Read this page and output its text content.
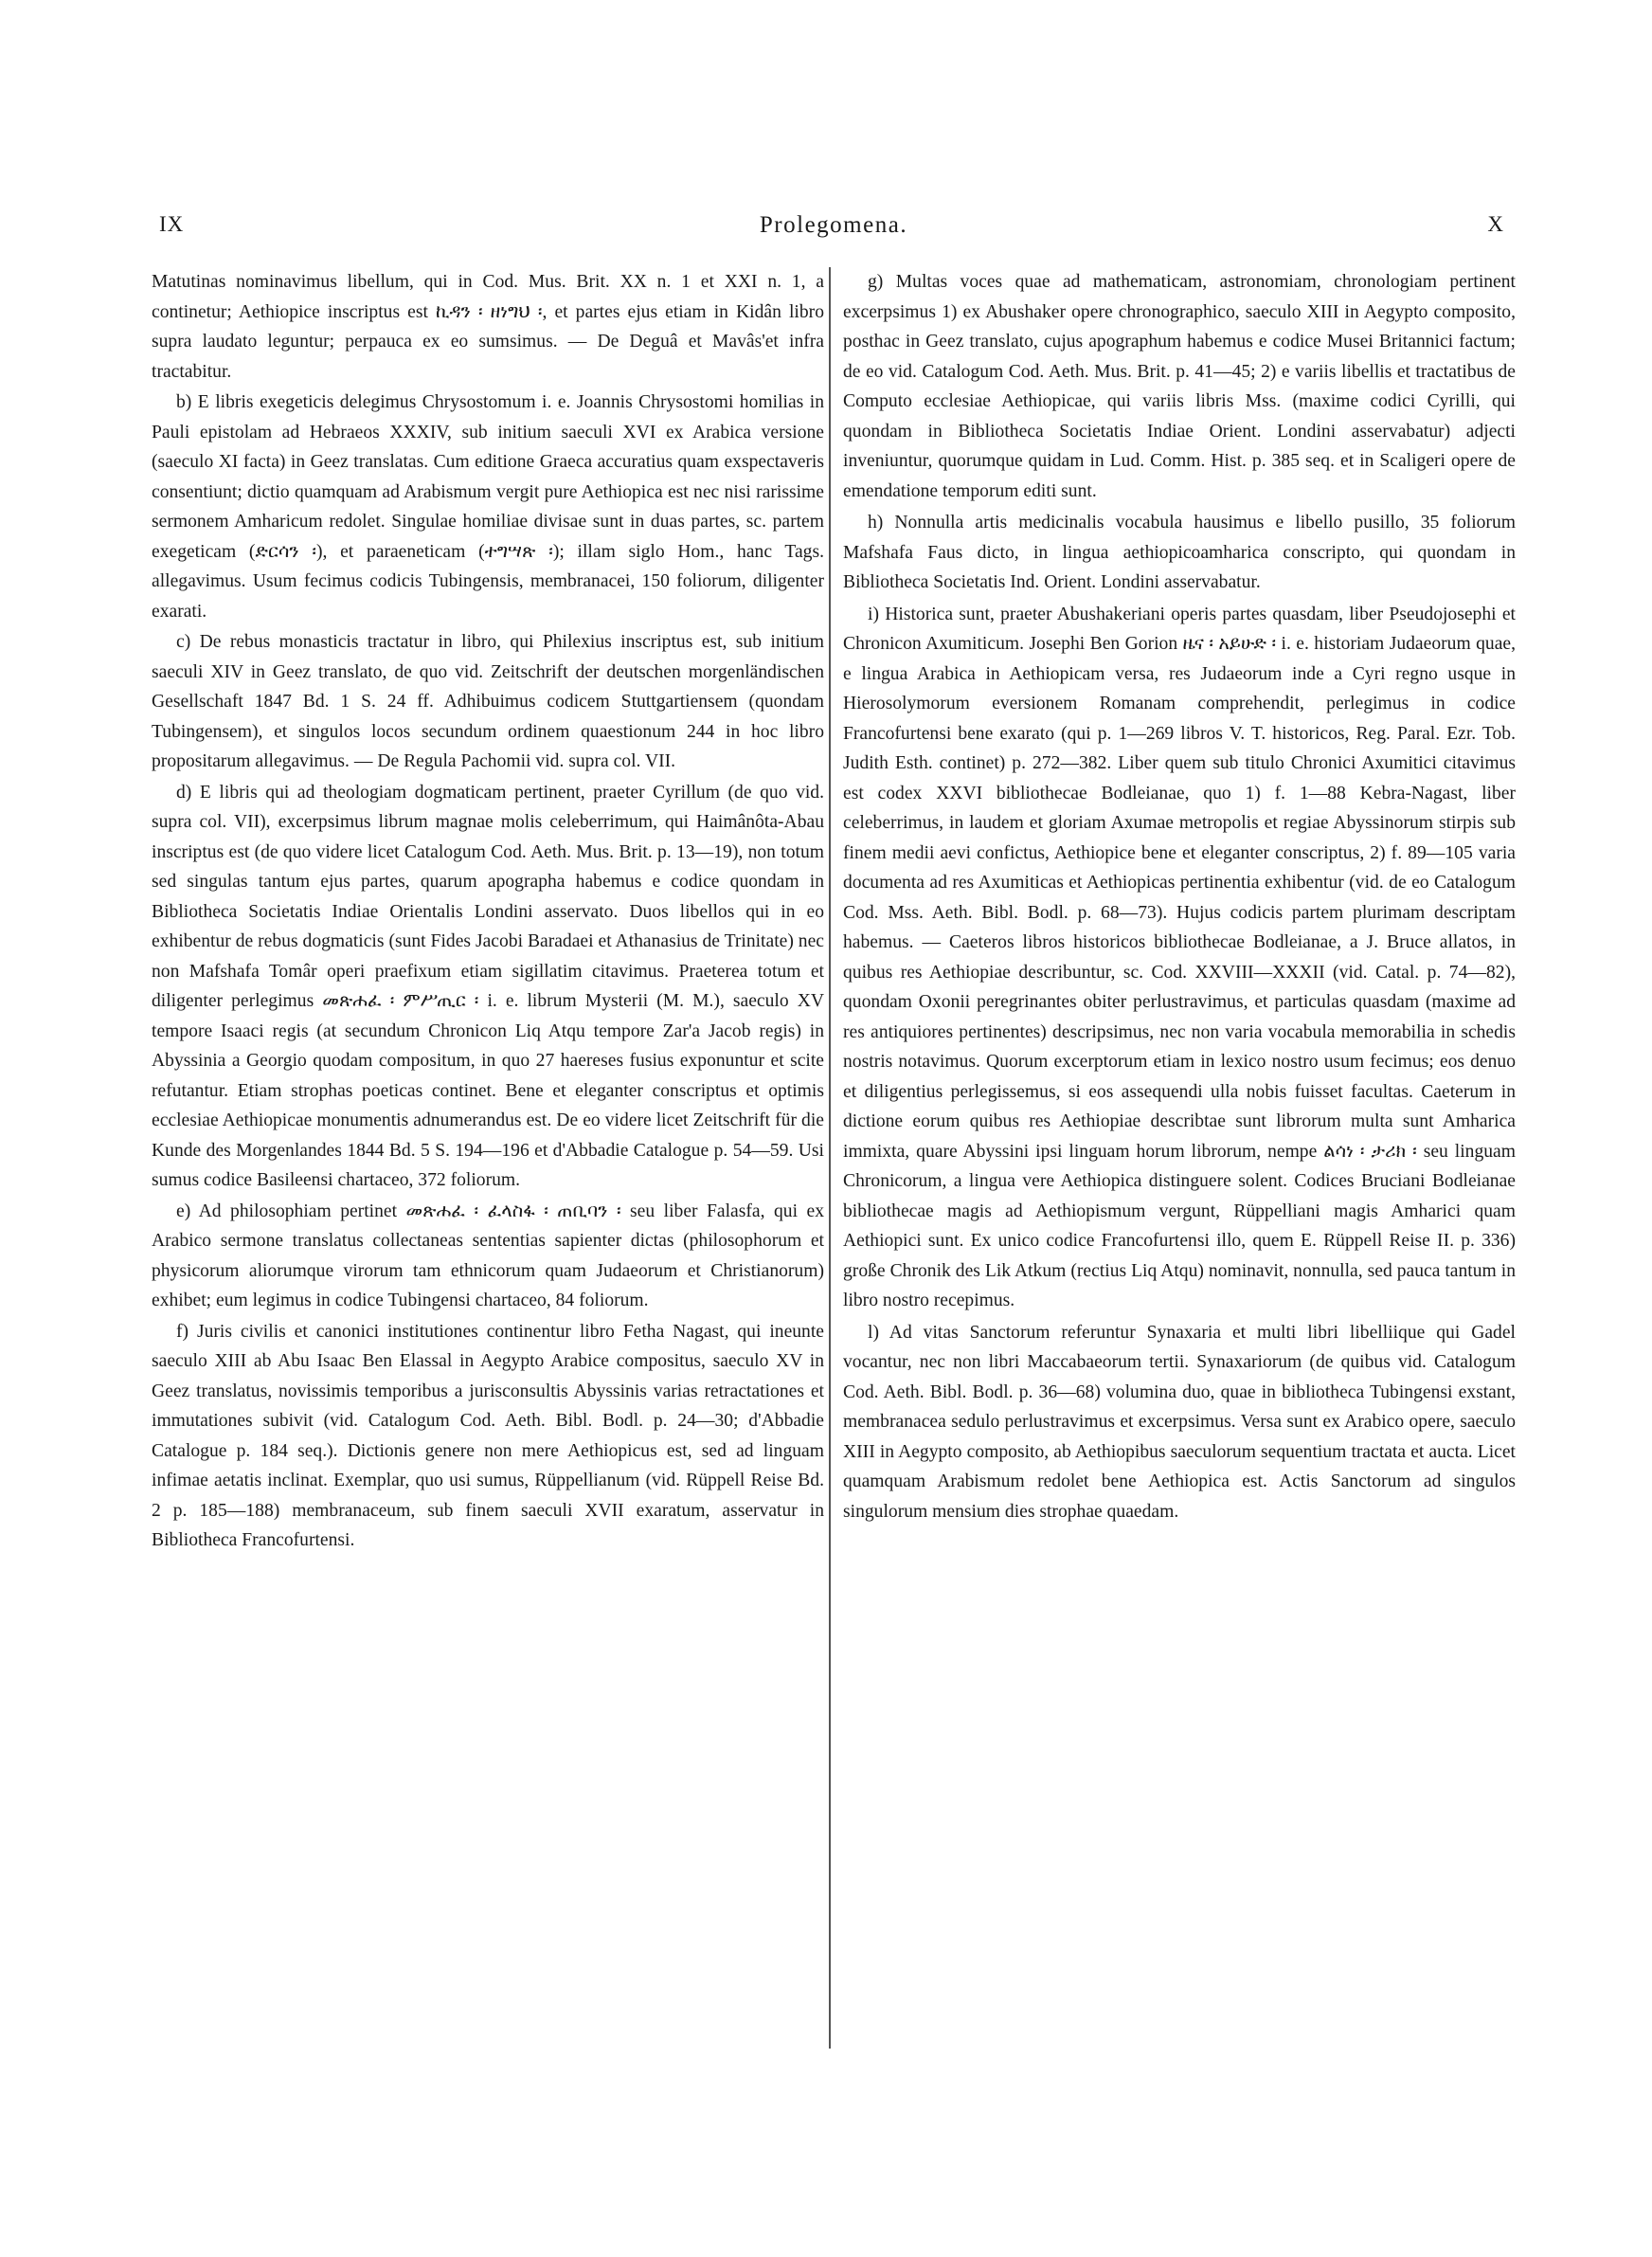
IX	Prolegomena.	X

Matutinas nominavimus libellum, qui in Cod. Mus. Brit. XX n. 1 et XXI n. 1, a continetur; Aethiopice inscriptus est ኪዳን ፡ ዘነግህ ፡, et partes ejus etiam in Kidân libro supra laudato leguntur; perpauca ex eo sumsimus. — De Deguâ et Mavâs'et infra tractabitur.

b) E libris exegeticis delegimus Chrysostomum i. e. Joannis Chrysostomi homilias in Pauli epistolam ad Hebraeos XXXIV, sub initium saeculi XVI ex Arabica versione (saeculo XI facta) in Geez translatas. Cum editione Graeca accuratius quam exspectaveris consentiunt; dictio quamquam ad Arabismum vergit pure Aethiopica est nec nisi rarissime sermonem Amharicum redolet. Singulae homiliae divisae sunt in duas partes, sc. partem exegeticam (ድርሳን ፡), et paraeneticam (ተግሣጽ ፡); illam siglo Hom., hanc Tags. allegavimus. Usum fecimus codicis Tubingensis, membranacei, 150 foliorum, diligenter exarati.

c) De rebus monasticis tractatur in libro, qui Philexius inscriptus est, sub initium saeculi XIV in Geez translato, de quo vid. Zeitschrift der deutschen morgenländischen Gesellschaft 1847 Bd. 1 S. 24 ff. Adhibuimus codicem Stuttgartiensem (quondam Tubingensem), et singulos locos secundum ordinem quaestionum 244 in hoc libro propositarum allegavimus. — De Regula Pachomii vid. supra col. VII.

d) E libris qui ad theologiam dogmaticam pertinent, praeter Cyrillum (de quo vid. supra col. VII), excerpsimus librum magnae molis celeberrimum, qui Haimânôta-Abau inscriptus est (de quo videre licet Catalogum Cod. Aeth. Mus. Brit. p. 13—19), non totum sed singulas tantum ejus partes, quarum apographa habemus e codice quondam in Bibliotheca Societatis Indiae Orientalis Londini asservato. Duos libellos qui in eo exhibentur de rebus dogmaticis (sunt Fides Jacobi Baradaei et Athanasius de Trinitate) nec non Mafshafa Tomâr operi praefixum etiam sigillatim citavimus. Praeterea totum et diligenter perlegimus መጽሐፈ ፡ ምሥጢር ፡ i. e. librum Mysterii (M. M.), saeculo XV tempore Isaaci regis (at secundum Chronicon Liq Atqu tempore Zar'a Jacob regis) in Abyssinia a Georgio quodam compositum, in quo 27 haereses fusius exponuntur et scite refutantur. Etiam strophas poeticas continet. Bene et eleganter conscriptus et optimis ecclesiae Aethiopicae monumentis adnumerandus est. De eo videre licet Zeitschrift für die Kunde des Morgenlandes 1844 Bd. 5 S. 194—196 et d'Abbadie Catalogue p. 54—59. Usi sumus codice Basileensi chartaceo, 372 foliorum.

e) Ad philosophiam pertinet መጽሐፈ ፡ ፈላስፋ ፡ ጠቢባን ፡ seu liber Falasfa, qui ex Arabico sermone translatus collectaneas sententias sapienter dictas (philosophorum et physicorum aliorumque virorum tam ethnicorum quam Judaeorum et Christianorum) exhibet; eum legimus in codice Tubingensi chartaceo, 84 foliorum.

f) Juris civilis et canonici institutiones continentur libro Fetha Nagast, qui ineunte saeculo XIII ab Abu Isaac Ben Elassal in Aegypto Arabice compositus, saeculo XV in Geez translatus, novissimis temporibus a jurisconsultis Abyssinis varias retractationes et immutationes subivit (vid. Catalogum Cod. Aeth. Bibl. Bodl. p. 24—30; d'Abbadie Catalogue p. 184 seq.). Dictionis genere non mere Aethiopicus est, sed ad linguam infimae aetatis inclinat. Exemplar, quo usi sumus, Rüppellianum (vid. Rüppell Reise Bd. 2 p. 185—188) membranaceum, sub finem saeculi XVII exaratum, asservatur in Bibliotheca Francofurtensi.

g) Multas voces quae ad mathematicam, astronomiam, chronologiam pertinent excerpsimus 1) ex Abushaker opere chronographico, saeculo XIII in Aegypto composito, posthac in Geez translato, cujus apographum habemus e codice Musei Britannici factum; de eo vid. Catalogum Cod. Aeth. Mus. Brit. p. 41—45; 2) e variis libellis et tractatibus de Computo ecclesiae Aethiopicae, qui variis libris Mss. (maxime codici Cyrilli, qui quondam in Bibliotheca Societatis Indiae Orient. Londini asservabatur) adjecti inveniuntur, quorumque quidam in Lud. Comm. Hist. p. 385 seq. et in Scaligeri opere de emendatione temporum editi sunt.

h) Nonnulla artis medicinalis vocabula hausimus e libello pusillo, 35 foliorum Mafshafa Faus dicto, in lingua aethiopicoamharica conscripto, qui quondam in Bibliotheca Societatis Ind. Orient. Londini asservabatur.

i) Historica sunt, praeter Abushakeriani operis partes quasdam, liber Pseudojosephi et Chronicon Axumiticum. Josephi Ben Gorion ዜና ፡ አይሁድ ፡ i. e. historiam Judaeorum quae, e lingua Arabica in Aethiopicam versa, res Judaeorum inde a Cyri regno usque in Hierosolymorum eversionem Romanam comprehendit, perlegimus in codice Francofurtensi bene exarato (qui p. 1—269 libros V. T. historicos, Reg. Paral. Ezr. Tob. Judith Esth. continet) p. 272—382. Liber quem sub titulo Chronici Axumitici citavimus est codex XXVI bibliothecae Bodleianae, quo 1) f. 1—88 Kebra-Nagast, liber celeberrimus, in laudem et gloriam Axumae metropolis et regiae Abyssinorum stirpis sub finem medii aevi confictus, Aethiopice bene et eleganter conscriptus, 2) f. 89—105 varia documenta ad res Axumiticas et Aethiopicas pertinentia exhibentur (vid. de eo Catalogum Cod. Mss. Aeth. Bibl. Bodl. p. 68—73). Hujus codicis partem plurimam descriptam habemus. — Caeteros libros historicos bibliothecae Bodleianae, a J. Bruce allatos, in quibus res Aethiopiae describuntur, sc. Cod. XXVIII—XXXII (vid. Catal. p. 74—82), quondam Oxonii peregrinantes obiter perlustravimus, et particulas quasdam (maxime ad res antiquiores pertinentes) descripsimus, nec non varia vocabula memorabilia in schedis nostris notavimus. Quorum excerptorum etiam in lexico nostro usum fecimus; eos denuo et diligentius perlegissemus, si eos assequendi ulla nobis fuisset facultas. Caeterum in dictione eorum quibus res Aethiopiae describtae sunt librorum multa sunt Amharica immixta, quare Abyssini ipsi linguam horum librorum, nempe ልሳነ ፡ ታሪክ ፡ seu linguam Chronicorum, a lingua vere Aethiopica distinguere solent. Codices Bruciani Bodleianae bibliothecae magis ad Aethiopismum vergunt, Rüppelliani magis Amharici quam Aethiopici sunt. Ex unico codice Francofurtensi illo, quem E. Rüppell Reise II. p. 336) großе Chronik des Lik Atkum (rectius Liq Atqu) nominavit, nonnulla, sed pauca tantum in libro nostro recepimus.

l) Ad vitas Sanctorum referuntur Synaxaria et multi libri libelliique qui Gadel vocantur, nec non libri Maccabaeorum tertii. Synaxariorum (de quibus vid. Catalogum Cod. Aeth. Bibl. Bodl. p. 36—68) volumina duo, quae in bibliotheca Tubingensi exstant, membranacea sedulo perlustravimus et excerpsimus. Versa sunt ex Arabico opere, saeculo XIII in Aegypto composito, ab Aethiopibus saeculorum sequentium tractata et aucta. Licet quamquam Arabismum redolet bene Aethiopica est. Actis Sanctorum ad singulos singulorum mensium dies strophae quaedam.
